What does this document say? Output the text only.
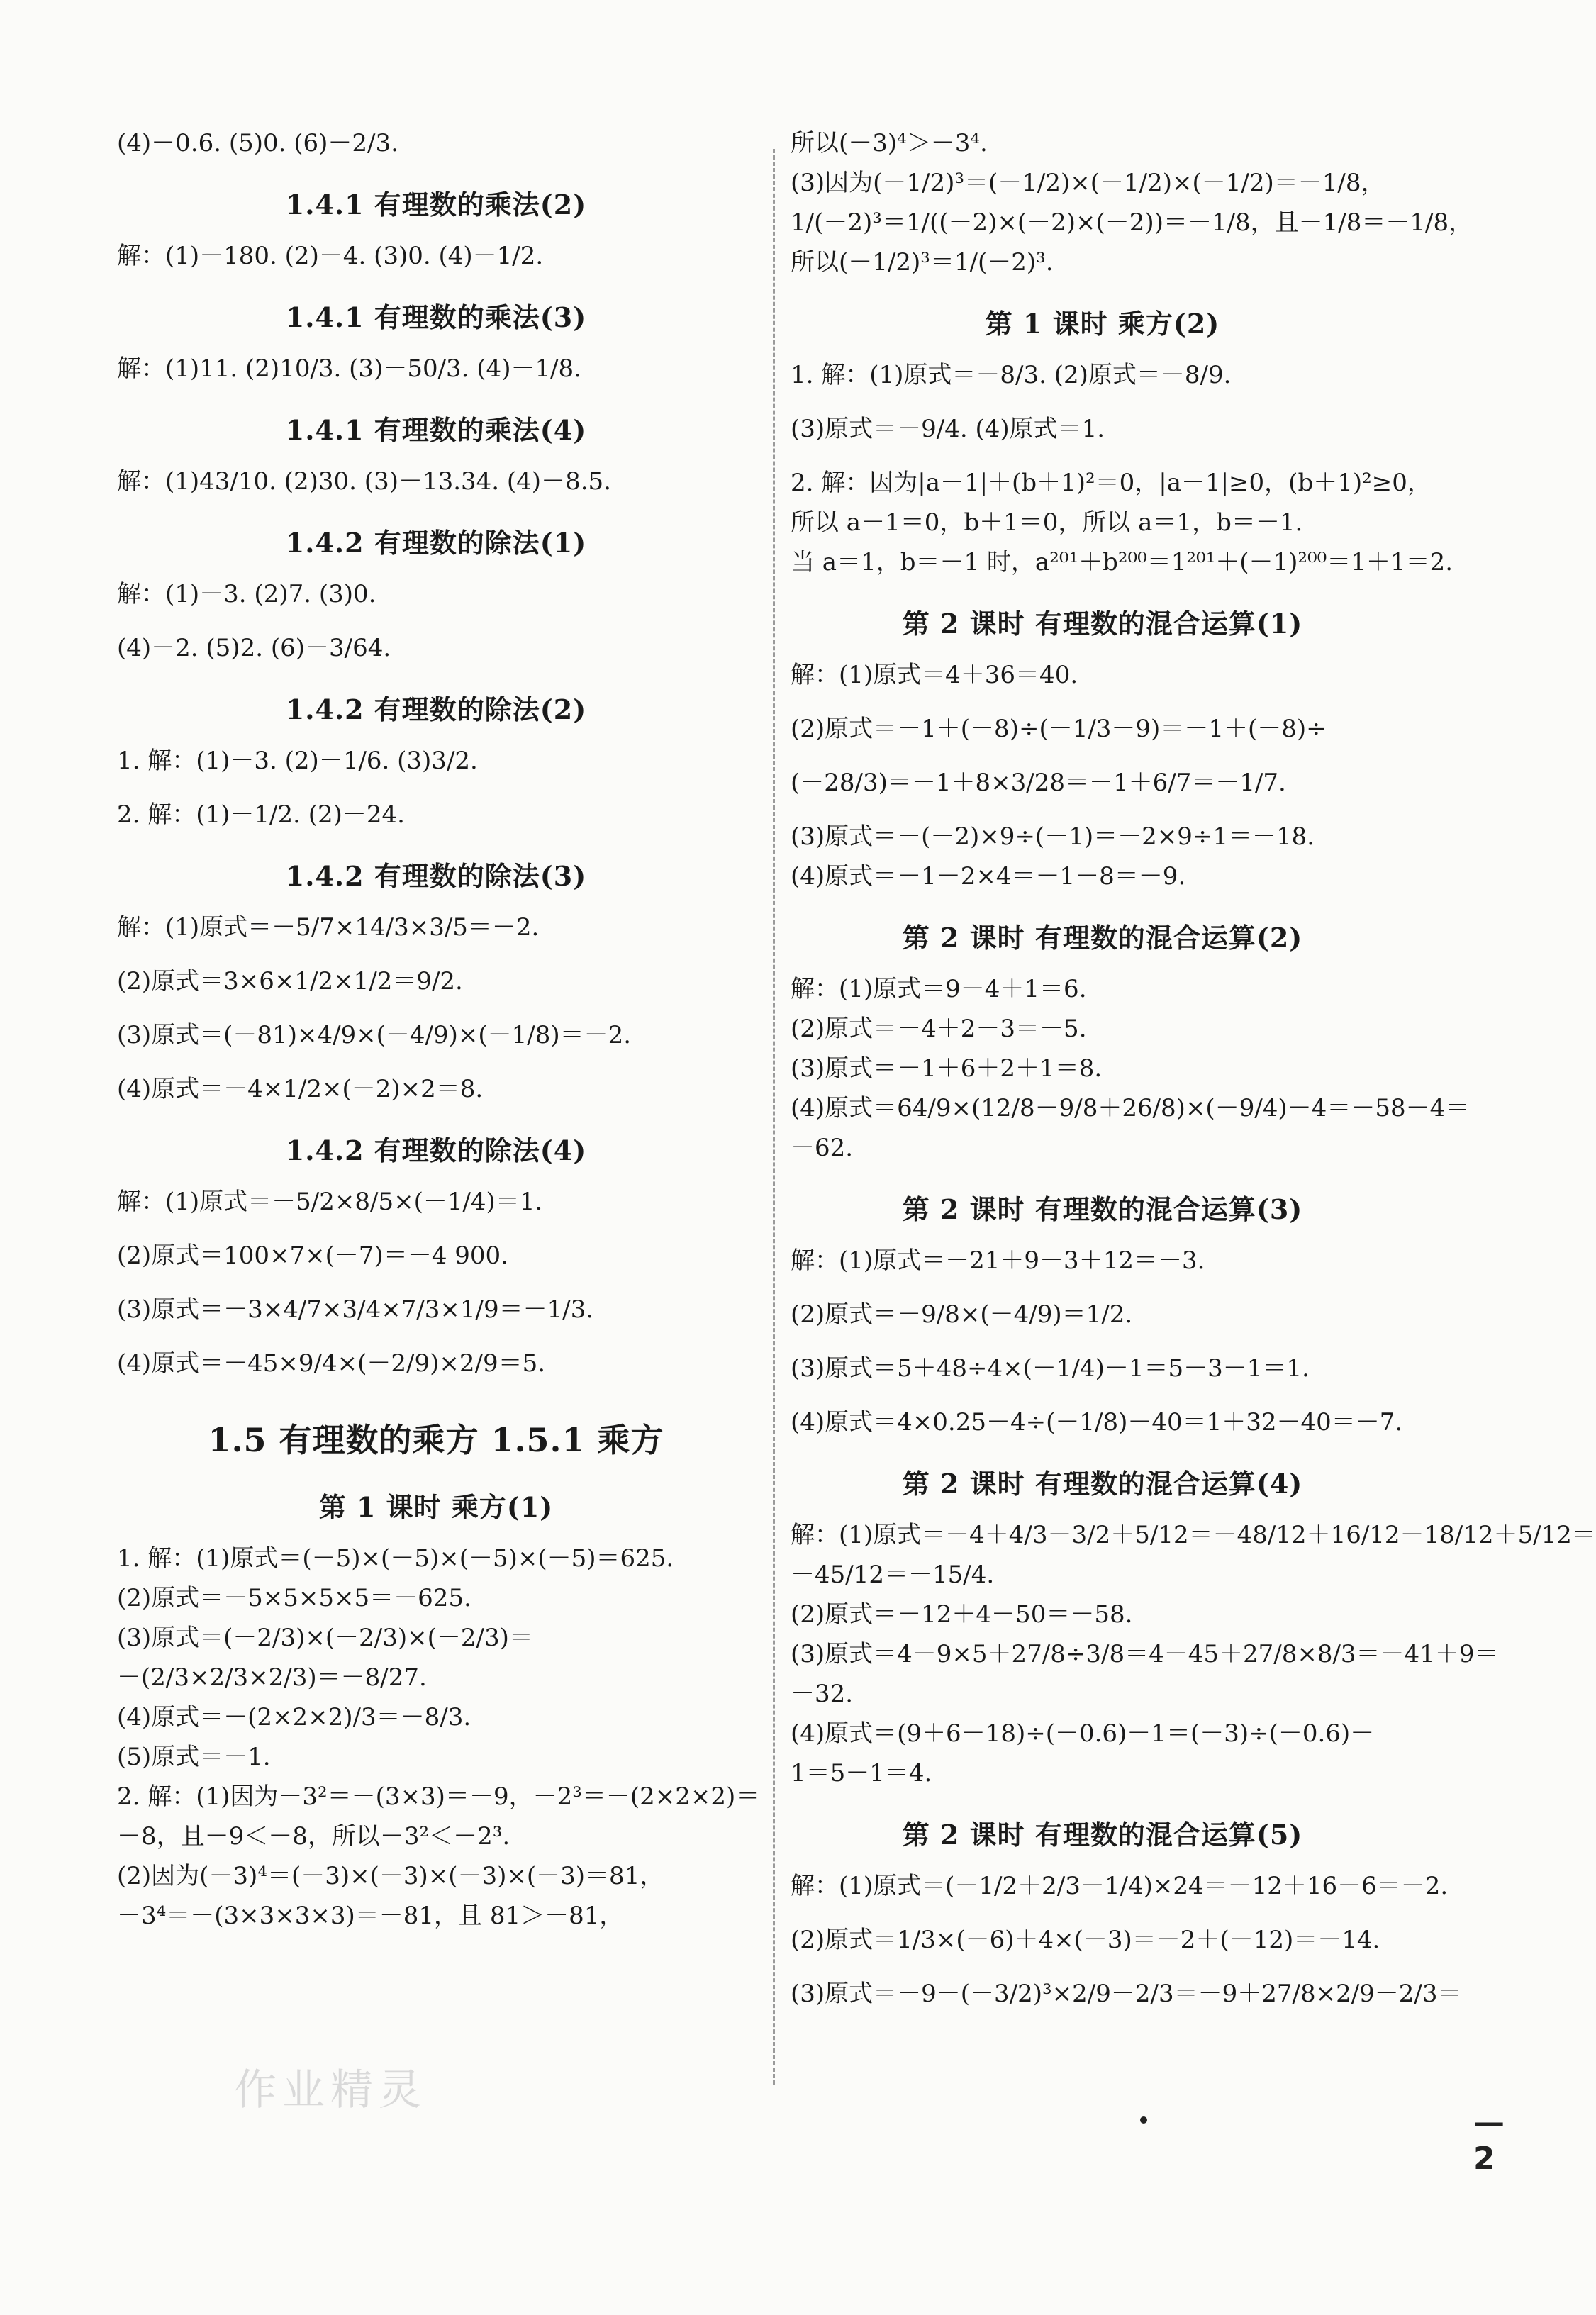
(4)－0.6. (5)0. (6)－2/3.
1.4.1 有理数的乘法(2)
解：(1)－180. (2)－4. (3)0. (4)－1/2.
1.4.1 有理数的乘法(3)
解：(1)11. (2)10/3. (3)－50/3. (4)－1/8.
1.4.1 有理数的乘法(4)
解：(1)43/10. (2)30. (3)－13.34. (4)－8.5.
1.4.2 有理数的除法(1)
解：(1)－3. (2)7. (3)0.
(4)－2. (5)2. (6)－3/64.
1.4.2 有理数的除法(2)
1. 解：(1)－3. (2)－1/6. (3)3/2.
2. 解：(1)－1/2. (2)－24.
1.4.2 有理数的除法(3)
解：(1)原式＝－5/7×14/3×3/5＝－2.
(2)原式＝3×6×1/2×1/2＝9/2.
(3)原式＝(－81)×4/9×(－4/9)×(－1/8)＝－2.
(4)原式＝－4×1/2×(－2)×2＝8.
1.4.2 有理数的除法(4)
解：(1)原式＝－5/2×8/5×(－1/4)＝1.
(2)原式＝100×7×(－7)＝－4 900.
(3)原式＝－3×4/7×3/4×7/3×1/9＝－1/3.
(4)原式＝－45×9/4×(－2/9)×2/9＝5.
1.5 有理数的乘方 1.5.1 乘方
第 1 课时 乘方(1)
1. 解：(1)原式＝(－5)×(－5)×(－5)×(－5)＝625.
(2)原式＝－5×5×5×5＝－625.
(3)原式＝(－2/3)×(－2/3)×(－2/3)＝
－(2/3×2/3×2/3)＝－8/27.
(4)原式＝－(2×2×2)/3＝－8/3.
(5)原式＝－1.
2. 解：(1)因为－3²＝－(3×3)＝－9，－2³＝－(2×2×2)＝
－8，且－9＜－8，所以－3²＜－2³.
(2)因为(－3)⁴＝(－3)×(－3)×(－3)×(－3)＝81，
－3⁴＝－(3×3×3×3)＝－81，且 81＞－81，
所以(－3)⁴＞－3⁴.
(3)因为(－1/2)³＝(－1/2)×(－1/2)×(－1/2)＝－1/8，
1/(－2)³＝1/((－2)×(－2)×(－2))＝－1/8，且－1/8＝－1/8，
所以(－1/2)³＝1/(－2)³.
第 1 课时 乘方(2)
1. 解：(1)原式＝－8/3. (2)原式＝－8/9.
(3)原式＝－9/4. (4)原式＝1.
2. 解：因为|a－1|＋(b＋1)²＝0，|a－1|≥0，(b＋1)²≥0，
所以 a－1＝0，b＋1＝0，所以 a＝1，b＝－1.
当 a＝1，b＝－1 时，a²⁰¹＋b²⁰⁰＝1²⁰¹＋(－1)²⁰⁰＝1＋1＝2.
第 2 课时 有理数的混合运算(1)
解：(1)原式＝4＋36＝40.
(2)原式＝－1＋(－8)÷(－1/3－9)＝－1＋(－8)÷
(－28/3)＝－1＋8×3/28＝－1＋6/7＝－1/7.
(3)原式＝－(－2)×9÷(－1)＝－2×9÷1＝－18.
(4)原式＝－1－2×4＝－1－8＝－9.
第 2 课时 有理数的混合运算(2)
解：(1)原式＝9－4＋1＝6.
(2)原式＝－4＋2－3＝－5.
(3)原式＝－1＋6＋2＋1＝8.
(4)原式＝64/9×(12/8－9/8＋26/8)×(－9/4)－4＝－58－4＝
－62.
第 2 课时 有理数的混合运算(3)
解：(1)原式＝－21＋9－3＋12＝－3.
(2)原式＝－9/8×(－4/9)＝1/2.
(3)原式＝5＋48÷4×(－1/4)－1＝5－3－1＝1.
(4)原式＝4×0.25－4÷(－1/8)－40＝1＋32－40＝－7.
第 2 课时 有理数的混合运算(4)
解：(1)原式＝－4＋4/3－3/2＋5/12＝－48/12＋16/12－18/12＋5/12＝
－45/12＝－15/4.
(2)原式＝－12＋4－50＝－58.
(3)原式＝4－9×5＋27/8÷3/8＝4－45＋27/8×8/3＝－41＋9＝
－32.
(4)原式＝(9＋6－18)÷(－0.6)－1＝(－3)÷(－0.6)－
1＝5－1＝4.
第 2 课时 有理数的混合运算(5)
解：(1)原式＝(－1/2＋2/3－1/4)×24＝－12＋16－6＝－2.
(2)原式＝1/3×(－6)＋4×(－3)＝－2＋(－12)＝－14.
(3)原式＝－9－(－3/2)³×2/9－2/3＝－9＋27/8×2/9－2/3＝
作业精灵
—2
